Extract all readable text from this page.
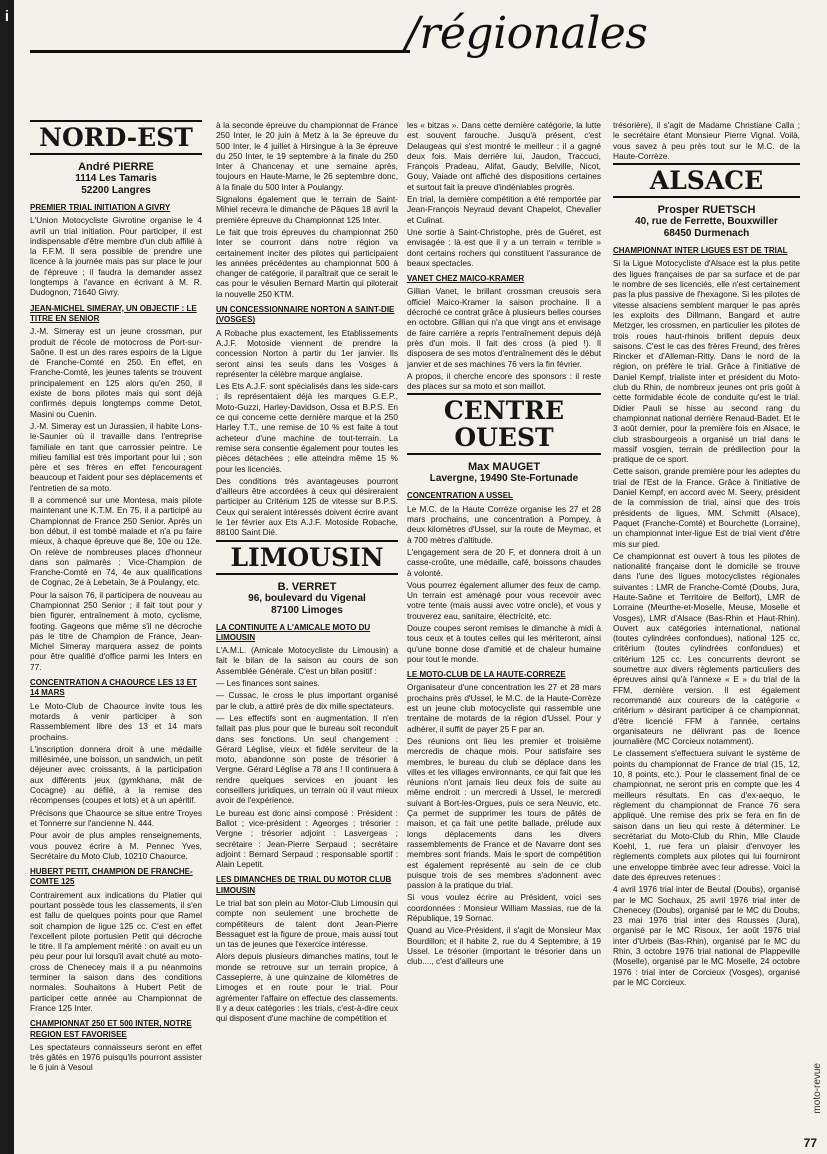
i	/régionales
NORD-EST
André PIERRE
1114 Les Tamaris
52200 Langres
PREMIER TRIAL INITIATION A GIVRY

L'Union Motocycliste Givrotine organise le 4 avril un trial initiation. Pour participer, il est indispensable d'être membre d'un club affilié à la F.F.M. Il sera possible de prendre une licence à la journée mais pas sur place le jour de l'épreuve ; il faudra la demander assez longtemps à l'avance en écrivant à M. R. Dudognon, 71640 Givry.

JEAN-MICHEL SIMERAY, UN OBJECTIF : LE TITRE EN SENIOR

J.-M. Simeray est un jeune crossman, pur produit de l'école de motocross de Port-sur-Saône. Il est un des rares espoirs de la Ligue de Franche-Comté en 250. En effet, en Franche-Comté, les jeunes talents se trouvent principalement en 125 alors qu'en 250, il existe de bons pilotes mais qui sont déjà confirmés depuis longtemps comme Detot, Masini ou Cuenin.

J.-M. Simeray est un Jurassien, il habite Lons-le-Saunier où il travaille dans l'entreprise familiale en tant que carrossier peintre. Le milieu familial est très important pour lui ; son père et ses frères en effet l'encouragent beaucoup et l'aident pour ses déplacements et l'entretien de sa moto.

Il a commencé sur une Montesa, mais pilote maintenant une K.T.M. En 75, il a participé au Championnat de France 250 Senior. Après un bon début, il est tombé malade et n'a pu faire mieux, à chaque épreuve que 8e, 10e ou 12e. On relève de nombreuses places d'honneur dans son palmarès : Vice-Champion de Franche-Comté en 74, 4e aux qualifications de Cognac, 2e à Lebetain, 3e à Poulangy, etc.

Pour la saison 76, il participera de nouveau au Championnat 250 Senior ; il fait tout pour y bien figurer, entraînement à moto, cyclisme, footing. Gageons que même s'il ne décroche pas le titre de Champion de France, Jean-Michel Simeray marquera assez de points pour être qualifié d'office parmi les Inters en 77.

CONCENTRATION A CHAOURCE LES 13 ET 14 MARS

Le Moto-Club de Chaource invite tous les motards à venir participer à son Rassemblement libre des 13 et 14 mars prochains.

L'inscription donnera droit à une médaille millésimée, une boisson, un sandwich, un petit déjeuner avec croissants, à la participation aux différents jeux (gymkhana, mât de Cocagne) au défilé, à la remise des récompenses (coupes et lots) et à un apéritif.

Précisons que Chaource se situe entre Troyes et Tonnerre sur l'ancienne N. 444.

Pour avoir de plus amples renseignements, vous pouvez écrire à M. Pennec Yves, Secrétaire du Moto Club, 10210 Chaource.

HUBERT PETIT, CHAMPION DE FRANCHE-COMTE 125

Contrairement aux indications du Platier qui pourtant possède tous les classements, il s'en est fallu de quelques points pour que Ramel soit champion de ligue 125 cc. C'est en effet l'excellent pilote portusien Petit qui décroche le titre. Il l'a amplement mérité : on avait eu un peu peur pour lui lorsqu'il avait chuté au moto-cross de Chenecey mais il a pu néanmoins terminer la saison dans des conditions normales. Souhaitons à Hubert Petit de participer cette année au Championnat de France 125 Inter.

CHAMPIONNAT 250 ET 500 INTER, NOTRE REGION EST FAVORISEE

Les spectateurs connaisseurs seront en effet très gâtés en 1976 puisqu'ils pourront assister le 6 juin à Vesoul

à la seconde épreuve du championnat de France 250 Inter, le 20 juin à Metz à la 3e épreuve du 500 Inter, le 4 juillet à Hirsingue à la 3e épreuve du 250 Inter, le 19 septembre à la finale du 250 Inter à Chancenay et une semaine après, toujours en Haute-Marne, le 26 septembre donc, à la finale du 500 Inter à Poulangy.

Signalons également que le terrain de Saint-Mihiel recevra le dimanche de Pâques 18 avril la première épreuve du Championnat 125 Inter.

Le fait que trois épreuves du championnat 250 Inter se courront dans notre région va certainement inciter des pilotes qui participaient les années précédentes au championnat 500 à changer de catégorie, il paraîtrait que ce serait le cas pour le vésulien Bernard Martin qui piloterait la nouvelle 250 KTM.

UN CONCESSIONNAIRE NORTON A SAINT-DIE (VOSGES)

A Robache plus exactement, les Etablissements A.J.F. Motoside viennent de prendre la concession Norton à partir du 1er janvier. Ils seront ainsi les seuls dans les Vosges à représenter la célèbre marque anglaise.

Les Ets A.J.F. sont spécialisés dans les side-cars ; ils représentaient déjà les marques G.E.P., Moto-Guzzi, Harley-Davidson, Ossa et B.P.S. En ce qui concerne cette dernière marque et la 250 Harley T.T., une remise de 10 % est faite à tout acheteur d'une machine de tout-terrain. La remise sera consentie également pour toutes les pièces détachées ; elle atteindra même 15 % pour les licenciés.

Des conditions très avantageuses pourront d'ailleurs être accordées à ceux qui désireraient participer au Critérium 125 de vitesse sur B.P.S. Ceux qui seraient intéressés doivent écrire avant le 1er février aux Ets A.J.F. Motoside Robache, 88100 Saint Dié.

LIMOUSIN
B. VERRET
96, boulevard du Vigenal
87100 Limoges
LA CONTINUITE A L'AMICALE MOTO DU LIMOUSIN

L'A.M.L. (Amicale Motocycliste du Limousin) a fait le bilan de la saison au cours de son Assemblée Générale. C'est un bilan positif :

— Les finances sont saines.

— Cussac, le cross le plus important organisé par le club, a attiré près de dix mille spectateurs.

— Les effectifs sont en augmentation. Il n'en fallait pas plus pour que le bureau soit reconduit dans ses fonctions. Un seul changement : Gérard Léglise, vieux et fidèle serviteur de la moto, abandonne son poste de trésorier à Vergne. Gérard Léglise a 78 ans ! Il continuera à rendre quelques services en jouant les conseillers juridiques, un terrain où il vaut mieux avoir de l'expérience.

Le bureau est donc ainsi composé : Président : Ballot ; vice-président : Ageorges ; trésorier : Vergne ; trésorier adjoint : Lasvergeas ; secrétaire : Jean-Pierre Serpaud ; secrétaire adjoint : Bernard Serpaud ; responsable sportif : Alain Lepetit.

LES DIMANCHES DE TRIAL DU MOTOR CLUB LIMOUSIN

Le trial bat son plein au Motor-Club Limousin qui compte non seulement une brochette de compétiteurs de talent dont Jean-Pierre Bessaguet est la figure de proue, mais aussi tout un tas de jeunes que l'exercice intéresse.

Alors depuis plusieurs dimanches matins, tout le monde se retrouve sur un terrain propice, à Cassepierre, à une quinzaine de kilomètres de Limoges et en route pour le trial. Pour agrémenter l'affaire on effectue des classements. Il y a deux catégories : les trials, c'est-à-dire ceux qui disposent d'une machine de compétition et

les « bitzas ». Dans cette dernière catégorie, la lutte est souvent farouche. Jusqu'à présent, c'est Delaugeas qui s'est montré le meilleur : il a gagné deux fois. Mais derrière lui, Jaudon, Traccuci, François Pradeau, Alifat, Gaudy, Belville, Nicot, Gouy, Vaiade ont affiché des dispositions certaines et surtout fait la preuve d'indéniables progrès.

En trial, la dernière compétition a été remportée par Jean-François Neyraud devant Chapelot, Chevalier et Culinat.

Une sortie à Saint-Christophe, près de Guéret, est envisagée : là est que il y a un terrain « terrible » dont certains rochers qui constituent l'assurance de beaux spectacles.

VANET CHEZ MAICO-KRAMER

Gillian Vanet, le brillant crossman creusois sera officiel Maico-Kramer la saison prochaine. Il a décroché ce contrat grâce à plusieurs belles courses en octobre. Gillian qui n'a que vingt ans et envisage de faire carrière a repris l'entraînement depuis déjà près d'un mois. Il fait des cross (à pied !). Il disposera de ses motos d'entraînement dès le début janvier et de ses machines 76 vers la fin février.

A propos, il cherche encore des sponsors : il reste des places sur sa moto et son maillot.

CENTRE OUEST
Max MAUGET
Lavergne, 19490 Ste-Fortunade
CONCENTRATION A USSEL

Le M.C. de la Haute Corrèze organise les 27 et 28 mars prochains, une concentration à Pompey, à deux kilomètres d'Ussel, sur la route de Meymac, et à 700 mètres d'altitude.

L'engagement sera de 20 F, et donnera droit à un casse-croûte, une médaille, café, boissons chaudes à volonté.

Vous pourrez également allumer des feux de camp. Un terrain est aménagé pour vous recevoir avec votre tente (mais aussi avec votre oncle), et vous y trouverez eau, sanitaire, électricité, etc.

Douze coupes seront remises le dimanche à midi à tous ceux et à toutes celles qui les mériteront, ainsi qu'une bonne dose d'amitié et de chaleur humaine pour tout le monde.

LE MOTO-CLUB DE LA HAUTE-CORREZE

Organisateur d'une concentration les 27 et 28 mars prochains près d'Ussel, le M.C. de la Haute-Corrèze est un jeune club motocycliste qui rassemble une trentaine de motards de la région d'Ussel. Pour y adhérer, il suffit de payer 25 F par an.

Des réunions ont lieu les premier et troisième mercredis de chaque mois. Pour satisfaire ses membres, le bureau du club se déplace dans les villes et les villages environnants, ce qui fait que les réunions n'ont jamais lieu deux fois de suite au même endroit : un mercredi à Ussel, le mercredi suivant à Bort-les-Orgues, puis ce sera Neuvic, etc. Ça permet de supprimer les tours de pâtés de maison, et ça fait une petite ballade, prélude aux longs déplacements dans les divers rassemblements de France et de Navarre dont ses membres sont friands. Mais le sport de compétition est également représenté au sein de ce club puisque trois de ses membres s'adonnent avec passion à la pratique du trial.

Si vous voulez écrire au Président, voici ses coordonnées : Monsieur William Massias, rue de la République, 19 Sornac.

Quand au Vice-Président, il s'agit de Monsieur Max Bourdillon; et il habite 2, rue du 4 Septembre, à 19 Ussel. Le trésorier (important le trésorier dans un club...., c'est d'ailleurs une

trésorière), il s'agit de Madame Christiane Calla ; le secrétaire étant Monsieur Pierre Vignal. Voilà, vous savez à peu près tout sur le M.C. de la Haute-Corrèze.

ALSACE
Prosper RUETSCH
40, rue de Ferrette, Bouxwiller
68450 Durmenach
CHAMPIONNAT INTER LIGUES EST DE TRIAL

Si la Ligue Motocycliste d'Alsace est la plus petite des ligues françaises de par sa surface et de par le nombre de ses licenciés, elle n'est certainement pas la plus passive de l'hexagone. Si les pilotes de vitesse alsaciens semblent marquer le pas après les exploits des Dillmann, Bangard et autre Metzger, les crossmen, en particulier les pilotes de trois roues haut-rhinois brillent depuis deux saisons. C'est le cas des frères Freund, des frères Rincker et d'Alleman-Ritty. Dans le nord de la région, on préfère le trial. Grâce à l'initiative de Daniel Kempf, trialiste inter et président du Moto-club du Rhin, de nombreux jeunes ont pris goût à cette formidable école de conduite qu'est le trial. Didier Pauli se hisse au second rang du championnat national derrière Renaud-Badet. Et le 3 août dernier, pour la première fois en Alsace, le club strasbourgeois a organisé un trial dans le massif vosgien, terrain de prédilection pour la pratique de ce sport.

Cette saison, grande première pour les adeptes du trial de l'Est de la France. Grâce à l'initiative de Daniel Kempf, en accord avec M. Seery, président de la commission de trial, ainsi que des trois présidents de ligues, MM. Schmitt (Alsace), Paquet (Franche-Comté) et Bourchette (Lorraine), un championnat inter-ligue Est de trial vient d'être mis sur pied.

Ce championnat est ouvert à tous les pilotes de nationalité française dont le domicile se trouve dans l'une des ligues motocyclistes régionales suivantes : LMR de Franche-Comté (Doubs, Jura, Haute-Saône et Territoire de Belfort), LMR de Lorraine (Meurthe-et-Moselle, Meuse, Moselle et Vosges), LMR d'Alsace (Bas-Rhin et Haut-Rhin). Ouvert aux catégories international, national (toutes cylindrées confondues), national 125 cc, critérium (toutes cylindrées confondues) et critérium 125 cc. Les concurrents devront se soumettre aux divers règlements particuliers des épreuves ainsi qu'à l'annexe « E » du trial de la FFM, dernière version. Il est également recommandé aux coureurs de la catégorie « critérium » désirant participer à ce championnat, d'être licencié FFM à l'année, certains organisateurs ne délivrant pas de licence journalière (MC Corcieux notamment).

Le classement s'effectuera suivant le système de points du championnat de France de trial (15, 12, 10, 8 points, etc.). Pour le classement final de ce championnat, ne seront pris en compte que les 4 meilleurs résultats. En cas d'ex-aequo, le règlement du championnat de France 76 sera appliqué. Une remise des prix se fera en fin de saison dans un lieu qui reste à déterminer. Le secrétariat du Moto-Club du Rhin, Mlle Claude Koehl, 1, rue fera un plaisir d'envoyer les règlements complets aux pilotes qui lui fourniront une enveloppe timbrée avec leur adresse. Voici la date des épreuves retenues :

4 avril 1976 trial inter de Beutal (Doubs), organisé par le MC Sochaux, 25 avril 1976 trial inter de Chenecey (Doubs), organisé par le MC du Doubs, 23 mai 1976 trial inter des Rousses (Jura), organisé par le MC Risoux, 1er août 1976 trial inter d'Urbeis (Bas-Rhin), organisé par le MC du Rhin, 3 octobre 1976 trial national de Plappeville (Moselle), organisé par le MC Moselle, 24 octobre 1976 : trial inter de Corcieux (Vosges), organisé par le MC Corcieux.

moto-revue
77
